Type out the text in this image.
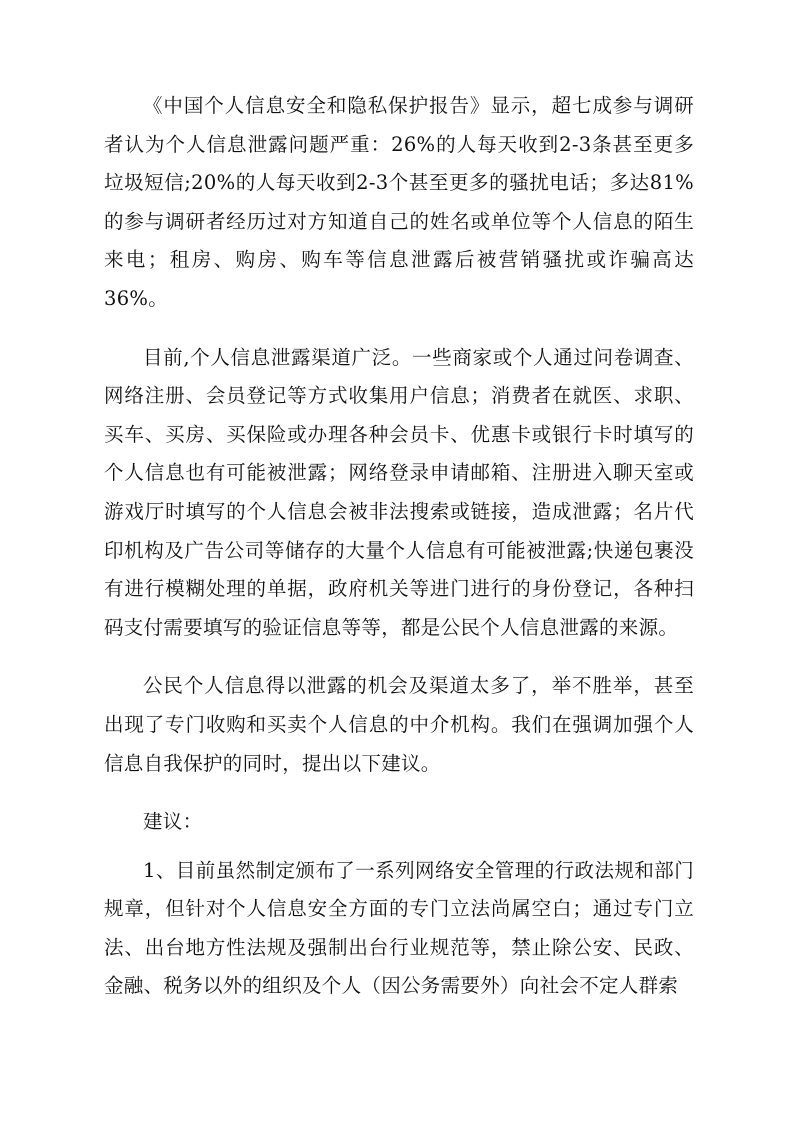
《中国个人信息安全和隐私保护报告》显示，超七成参与调研者认为个人信息泄露问题严重：26%的人每天收到2-3条甚至更多垃圾短信;20%的人每天收到2-3个甚至更多的骚扰电话；多达81%的参与调研者经历过对方知道自己的姓名或单位等个人信息的陌生来电；租房、购房、购车等信息泄露后被营销骚扰或诈骗高达36%。

目前,个人信息泄露渠道广泛。一些商家或个人通过问卷调查、网络注册、会员登记等方式收集用户信息；消费者在就医、求职、买车、买房、买保险或办理各种会员卡、优惠卡或银行卡时填写的个人信息也有可能被泄露；网络登录申请邮箱、注册进入聊天室或游戏厅时填写的个人信息会被非法搜索或链接，造成泄露；名片代印机构及广告公司等储存的大量个人信息有可能被泄露;快递包裹没有进行模糊处理的单据，政府机关等进门进行的身份登记，各种扫码支付需要填写的验证信息等等，都是公民个人信息泄露的来源。

公民个人信息得以泄露的机会及渠道太多了，举不胜举，甚至出现了专门收购和买卖个人信息的中介机构。我们在强调加强个人信息自我保护的同时，提出以下建议。

建议：

1、目前虽然制定颁布了一系列网络安全管理的行政法规和部门规章，但针对个人信息安全方面的专门立法尚属空白；通过专门立法、出台地方性法规及强制出台行业规范等，禁止除公安、民政、金融、税务以外的组织及个人（因公务需要外）向社会不定人群索
